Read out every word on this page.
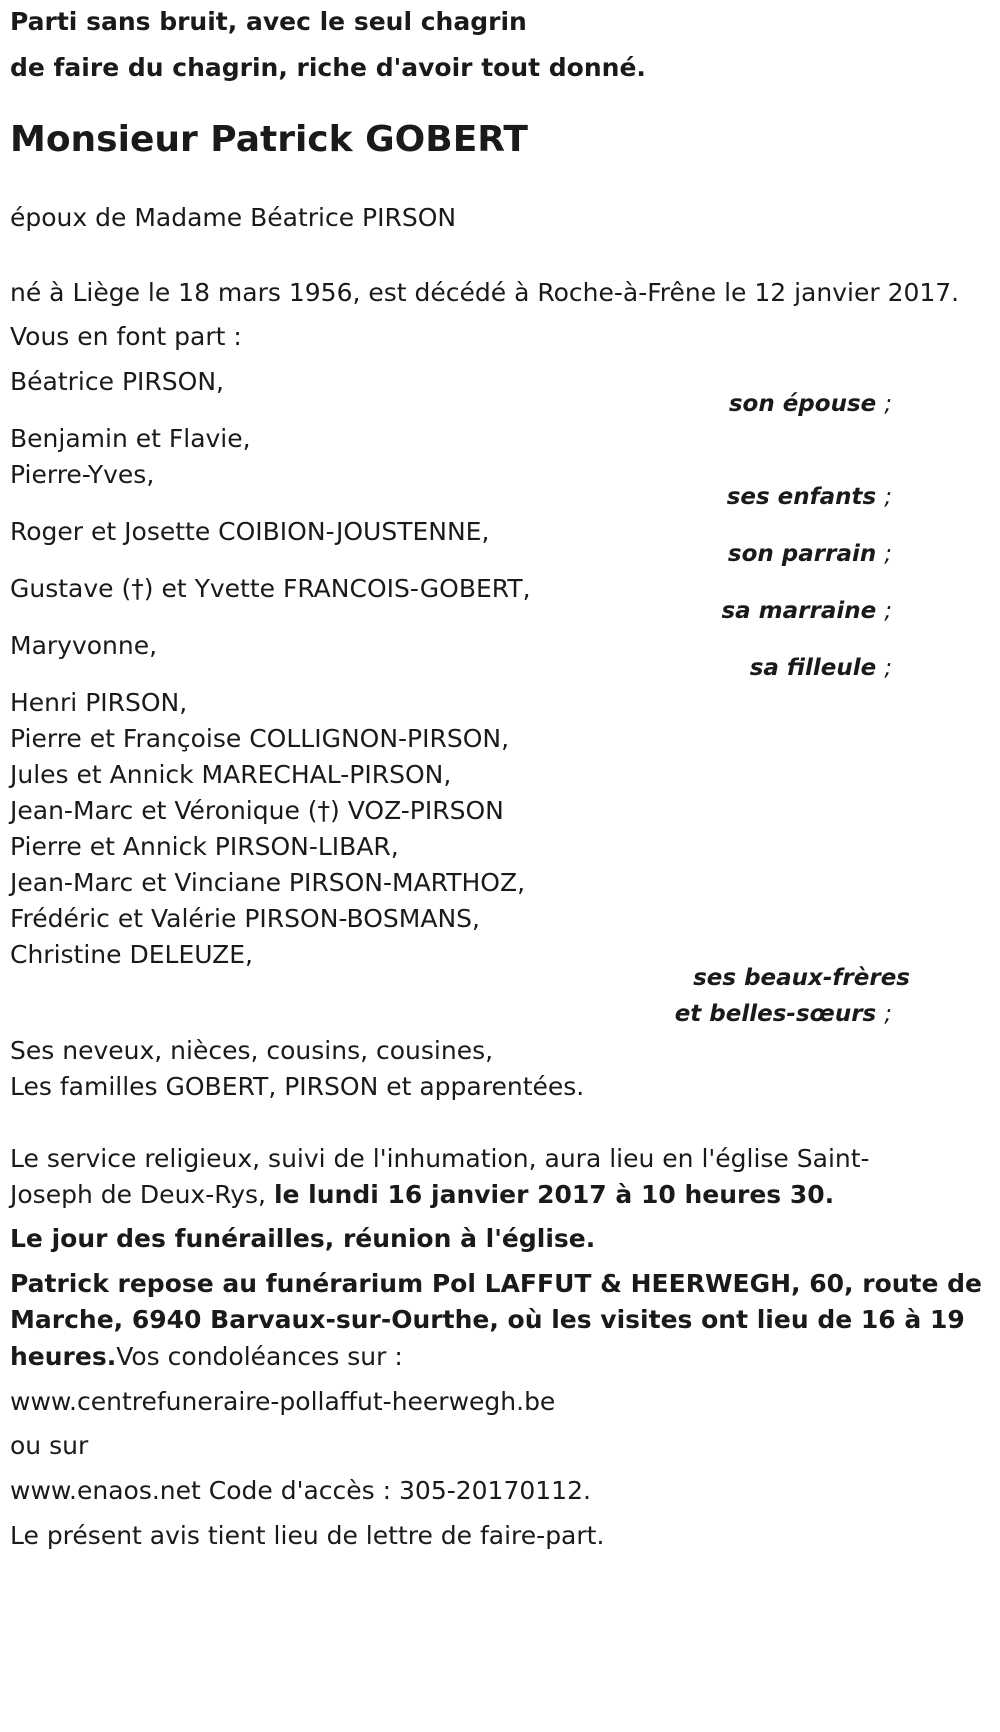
Parti sans bruit, avec le seul chagrin

de faire du chagrin, riche d'avoir tout donné.

Monsieur Patrick GOBERT

époux de Madame Béatrice PIRSON

né à Liège le 18 mars 1956, est décédé à Roche-à-Frêne le 12 janvier 2017.

Vous en font part :

Béatrice PIRSON,

son épouse ;

Benjamin et Flavie,

Pierre-Yves,

ses enfants ;

Roger et Josette COIBION-JOUSTENNE,

son parrain ;

Gustave (†) et Yvette FRANCOIS-GOBERT,

sa marraine ;

Maryvonne,

sa filleule ;

Henri PIRSON,

Pierre et Françoise COLLIGNON-PIRSON,

Jules et Annick MARECHAL-PIRSON,

Jean-Marc et Véronique (†) VOZ-PIRSON

Pierre et Annick PIRSON-LIBAR,

Jean-Marc et Vinciane PIRSON-MARTHOZ,

Frédéric et Valérie PIRSON-BOSMANS,

Christine DELEUZE,

ses beaux-frères

et belles-sœurs ;

Ses neveux, nièces, cousins, cousines,

Les familles GOBERT, PIRSON et apparentées.

Le service religieux, suivi de l'inhumation, aura lieu en l'église Saint-

Joseph de Deux-Rys, le lundi 16 janvier 2017 à 10 heures 30.

Le jour des funérailles, réunion à l'église.

Patrick repose au funérarium Pol LAFFUT & HEERWEGH, 60, route de

Marche, 6940 Barvaux-sur-Ourthe, où les visites ont lieu de 16 à 19

heures.Vos condoléances sur :

www.centrefuneraire-pollaffut-heerwegh.be

ou sur

www.enaos.net Code d'accès : 305-20170112.

Le présent avis tient lieu de lettre de faire-part.
